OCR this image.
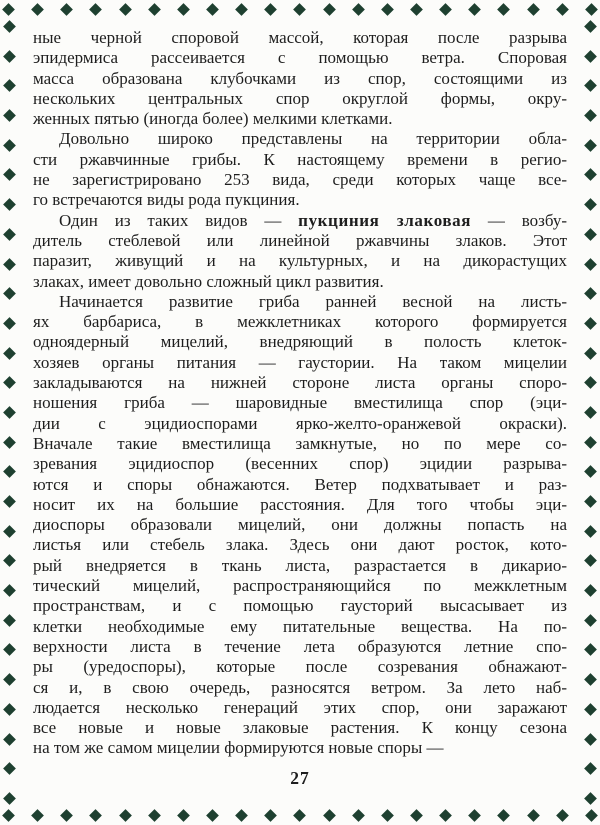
ные черной споровой массой, которая после разрыва
эпидермиса рассеивается с помощью ветра. Споровая
масса образована клубочками из спор, состоящими из
нескольких центральных спор округлой формы, окру-
женных пятью (иногда более) мелкими клетками.
Довольно широко представлены на территории обла-
сти ржавчинные грибы. К настоящему времени в регио-
не зарегистрировано 253 вида, среди которых чаще все-
го встречаются виды рода пукциния.
Один из таких видов — пукциния злаковая — возбу-
дитель стеблевой или линейной ржавчины злаков. Этот
паразит, живущий и на культурных, и на дикорастущих
злаках, имеет довольно сложный цикл развития.
Начинается развитие гриба ранней весной на листь-
ях барбариса, в межклетниках которого формируется
одноядерный мицелий, внедряющий в полость клеток-
хозяев органы питания — гаустории. На таком мицелии
закладываются на нижней стороне листа органы споро-
ношения гриба — шаровидные вместилища спор (эци-
дии с эцидиоспорами ярко-желто-оранжевой окраски).
Вначале такие вместилища замкнутые, но по мере со-
зревания эцидиоспор (весенних спор) эцидии разрыва-
ются и споры обнажаются. Ветер подхватывает и раз-
носит их на большие расстояния. Для того чтобы эци-
диоспоры образовали мицелий, они должны попасть на
листья или стебель злака. Здесь они дают росток, кото-
рый внедряется в ткань листа, разрастается в дикарио-
тический мицелий, распространяющийся по межклетным
пространствам, и с помощью гаусторий высасывает из
клетки необходимые ему питательные вещества. На по-
верхности листа в течение лета образуются летние спо-
ры (уредоспоры), которые после созревания обнажают-
ся и, в свою очередь, разносятся ветром. За лето наб-
людается несколько генераций этих спор, они заражают
все новые и новые злаковые растения. К концу сезона
на том же самом мицелии формируются новые споры —
27
